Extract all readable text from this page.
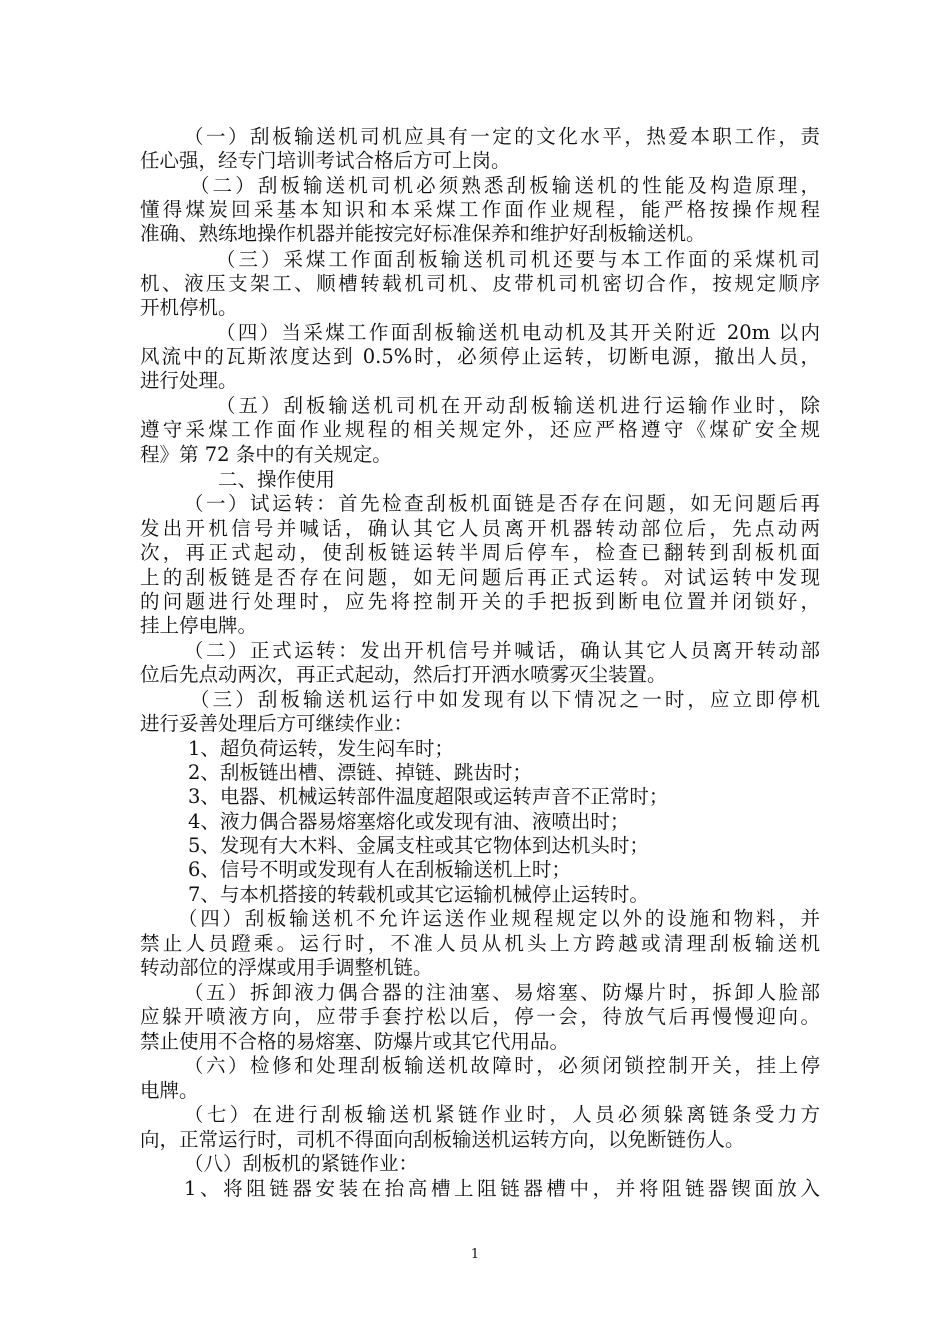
（一）刮板输送机司机应具有一定的文化水平，热爱本职工作，责
任心强，经专门培训考试合格后方可上岗。
（二）刮板输送机司机必须熟悉刮板输送机的性能及构造原理，
懂得煤炭回采基本知识和本采煤工作面作业规程，能严格按操作规程
准确、熟练地操作机器并能按完好标准保养和维护好刮板输送机。
（三）采煤工作面刮板输送机司机还要与本工作面的采煤机司
机、液压支架工、顺槽转载机司机、皮带机司机密切合作，按规定顺序
开机停机。
（四）当采煤工作面刮板输送机电动机及其开关附近 20m 以内
风流中的瓦斯浓度达到 0.5%时，必须停止运转，切断电源，撤出人员，
进行处理。
（五）刮板输送机司机在开动刮板输送机进行运输作业时，除
遵守采煤工作面作业规程的相关规定外，还应严格遵守《煤矿安全规
程》第 72 条中的有关规定。
二、操作使用
（一）试运转：首先检查刮板机面链是否存在问题，如无问题后再
发出开机信号并喊话，确认其它人员离开机器转动部位后，先点动两
次，再正式起动，使刮板链运转半周后停车，检查已翻转到刮板机面
上的刮板链是否存在问题，如无问题后再正式运转。对试运转中发现
的问题进行处理时，应先将控制开关的手把扳到断电位置并闭锁好，
挂上停电牌。
（二）正式运转：发出开机信号并喊话，确认其它人员离开转动部
位后先点动两次，再正式起动，然后打开洒水喷雾灭尘装置。
（三）刮板输送机运行中如发现有以下情况之一时，应立即停机
进行妥善处理后方可继续作业：
1、超负荷运转，发生闷车时；
2、刮板链出槽、漂链、掉链、跳齿时；
3、电器、机械运转部件温度超限或运转声音不正常时；
4、液力偶合器易熔塞熔化或发现有油、液喷出时；
5、发现有大木料、金属支柱或其它物体到达机头时；
6、信号不明或发现有人在刮板输送机上时；
7、与本机搭接的转载机或其它运输机械停止运转时。
（四）刮板输送机不允许运送作业规程规定以外的设施和物料，并
禁止人员蹬乘。运行时，不准人员从机头上方跨越或清理刮板输送机
转动部位的浮煤或用手调整机链。
（五）拆卸液力偶合器的注油塞、易熔塞、防爆片时，拆卸人脸部
应躲开喷液方向，应带手套拧松以后，停一会，待放气后再慢慢迎向。
禁止使用不合格的易熔塞、防爆片或其它代用品。
（六）检修和处理刮板输送机故障时，必须闭锁控制开关，挂上停
电牌。
（七）在进行刮板输送机紧链作业时，人员必须躲离链条受力方
向，正常运行时，司机不得面向刮板输送机运转方向，以免断链伤人。
（八）刮板机的紧链作业：
1、将阻链器安装在抬高槽上阻链器槽中，并将阻链器锲面放入
1
